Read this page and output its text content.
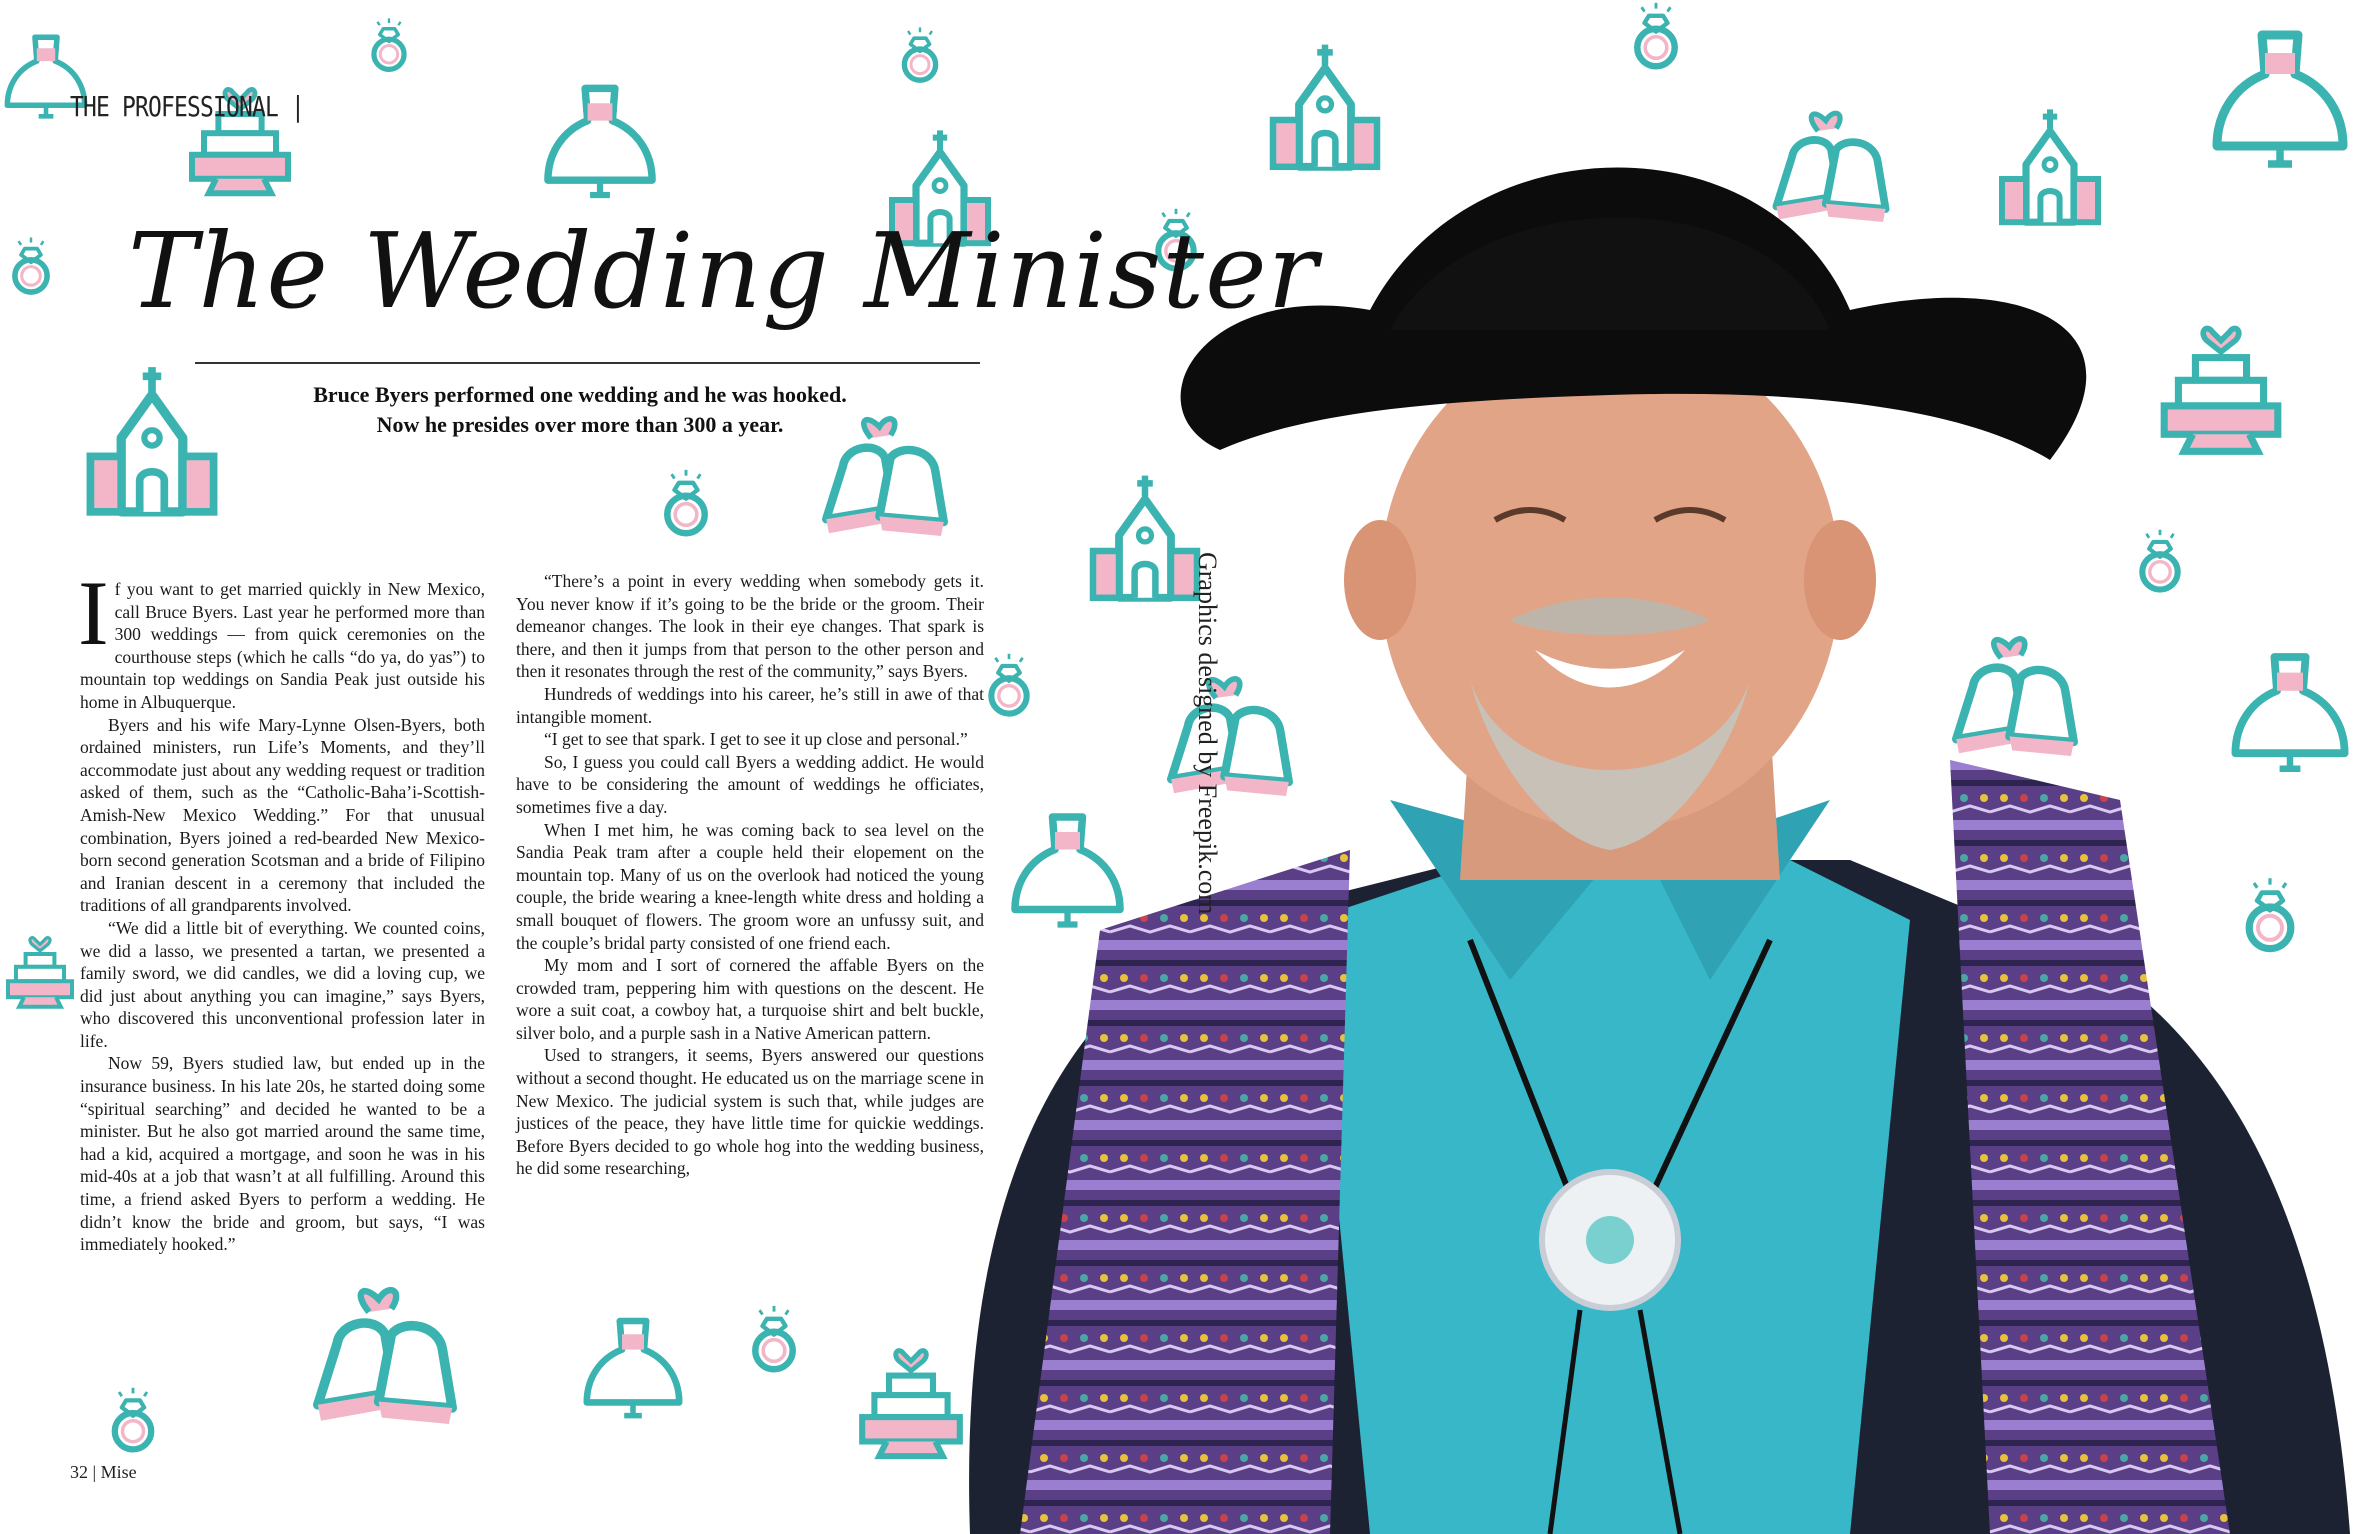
THE PROFESSIONAL |
The Wedding Minister
Bruce Byers performed one wedding and he was hooked.
Now he presides over more than 300 a year.

If you want to get married quickly in New Mexico, call Bruce Byers. Last year he performed more than 300 weddings — from quick ceremonies on the courthouse steps (which he calls “do ya, do yas”) to mountain top weddings on Sandia Peak just outside his home in Albuquerque.

Byers and his wife Mary-Lynne Olsen-Byers, both ordained ministers, run Life’s Moments, and they’ll accommodate just about any wedding request or tradition asked of them, such as the “Catholic-Baha’i-Scottish-Amish-New Mexico Wedding.” For that unusual combination, Byers joined a red-bearded New Mexico-born second generation Scotsman and a bride of Filipino and Iranian descent in a ceremony that included the traditions of all grandparents involved.

“We did a little bit of everything. We counted coins, we did a lasso, we presented a tartan, we presented a family sword, we did candles, we did a loving cup, we did just about anything you can imagine,” says Byers, who discovered this unconventional profession later in life.

Now 59, Byers studied law, but ended up in the insurance business. In his late 20s, he started doing some “spiritual searching” and decided he wanted to be a minister. But he also got married around the same time, had a kid, acquired a mortgage, and soon he was in his mid-40s at a job that wasn’t at all fulfilling. Around this time, a friend asked Byers to perform a wedding. He didn’t know the bride and groom, but says, “I was immediately hooked.”

“There’s a point in every wedding when somebody gets it. You never know if it’s going to be the bride or the groom. Their demeanor changes. The look in their eye changes. That spark is there, and then it jumps from that person to the other person and then it resonates through the rest of the community,” says Byers.

Hundreds of weddings into his career, he’s still in awe of that intangible moment.

“I get to see that spark. I get to see it up close and personal.”

So, I guess you could call Byers a wedding addict. He would have to be considering the amount of weddings he officiates, sometimes five a day.

When I met him, he was coming back to sea level on the Sandia Peak tram after a couple held their elopement on the mountain top. Many of us on the overlook had noticed the young couple, the bride wearing a knee-length white dress and holding a small bouquet of flowers. The groom wore an unfussy suit, and the couple’s bridal party consisted of one friend each.

My mom and I sort of cornered the affable Byers on the crowded tram, peppering him with questions on the descent. He wore a suit coat, a cowboy hat, a turquoise shirt and belt buckle, silver bolo, and a purple sash in a Native American pattern.

Used to strangers, it seems, Byers answered our questions without a second thought. He educated us on the marriage scene in New Mexico. The judicial system is such that, while judges are justices of the peace, they have little time for quickie weddings. Before Byers decided to go whole hog into the wedding business, he did some researching,

Graphics designed by Freepik.com
32 | Mise
